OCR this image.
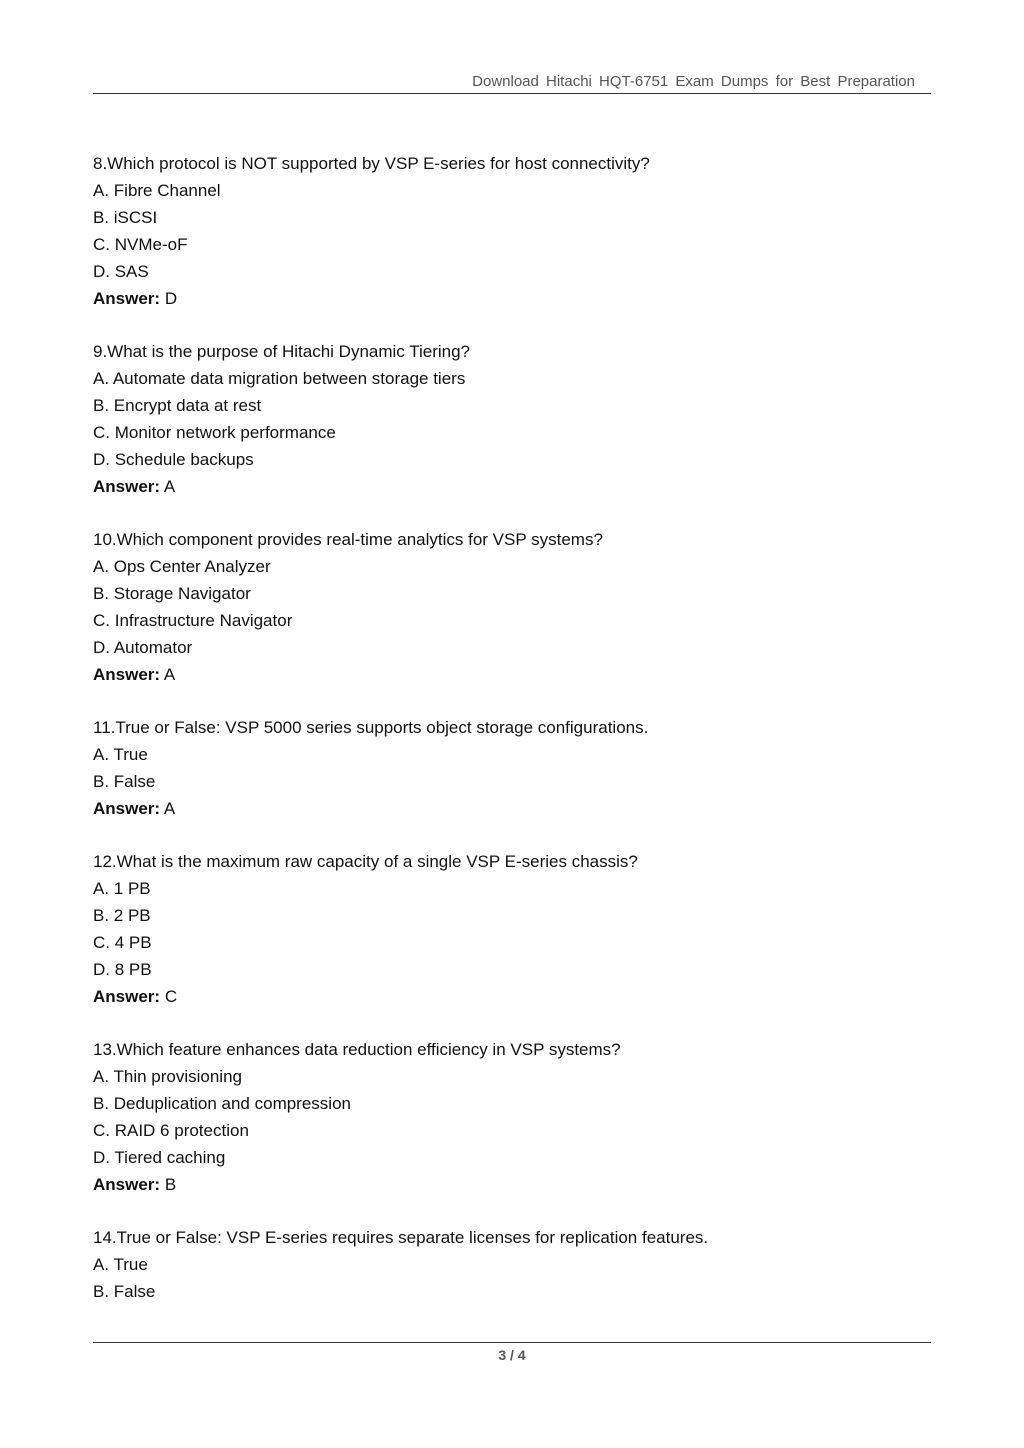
Download Hitachi HQT-6751 Exam Dumps for Best Preparation
8.Which protocol is NOT supported by VSP E-series for host connectivity?
A. Fibre Channel
B. iSCSI
C. NVMe-oF
D. SAS
Answer: D
9.What is the purpose of Hitachi Dynamic Tiering?
A. Automate data migration between storage tiers
B. Encrypt data at rest
C. Monitor network performance
D. Schedule backups
Answer: A
10.Which component provides real-time analytics for VSP systems?
A. Ops Center Analyzer
B. Storage Navigator
C. Infrastructure Navigator
D. Automator
Answer: A
11.True or False: VSP 5000 series supports object storage configurations.
A. True
B. False
Answer: A
12.What is the maximum raw capacity of a single VSP E-series chassis?
A. 1 PB
B. 2 PB
C. 4 PB
D. 8 PB
Answer: C
13.Which feature enhances data reduction efficiency in VSP systems?
A. Thin provisioning
B. Deduplication and compression
C. RAID 6 protection
D. Tiered caching
Answer: B
14.True or False: VSP E-series requires separate licenses for replication features.
A. True
B. False
3 / 4
